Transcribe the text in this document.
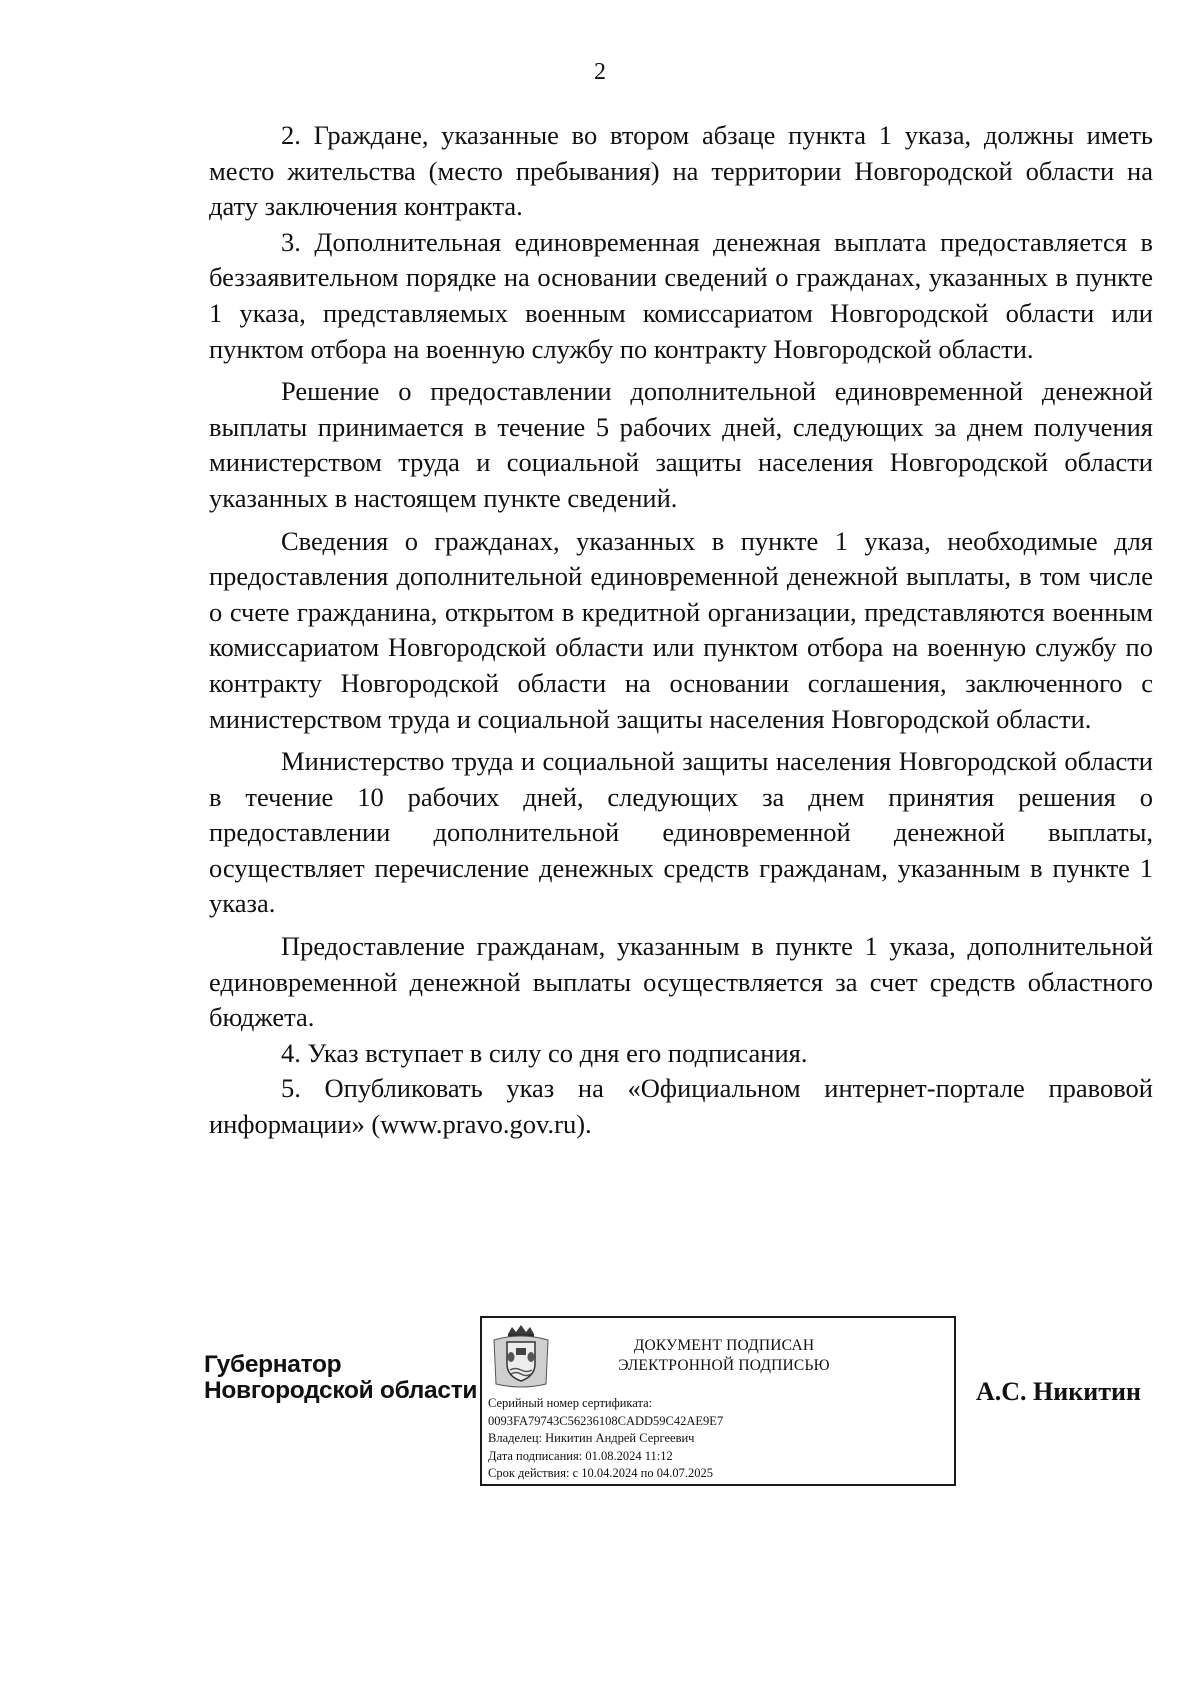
2

2. Граждане, указанные во втором абзаце пункта 1 указа, должны иметь место жительства (место пребывания) на территории Новгородской области на дату заключения контракта.

3. Дополнительная единовременная денежная выплата предоставляется в беззаявительном порядке на основании сведений о гражданах, указанных в пункте 1 указа, представляемых военным комиссариатом Новгородской области или пунктом отбора на военную службу по контракту Новгородской области.

Решение о предоставлении дополнительной единовременной денежной выплаты принимается в течение 5 рабочих дней, следующих за днем получения министерством труда и социальной защиты населения Новгородской области указанных в настоящем пункте сведений.

Сведения о гражданах, указанных в пункте 1 указа, необходимые для предоставления дополнительной единовременной денежной выплаты, в том числе о счете гражданина, открытом в кредитной организации, представляются военным комиссариатом Новгородской области или пунктом отбора на военную службу по контракту Новгородской области на основании соглашения, заключенного с министерством труда и социальной защиты населения Новгородской области.

Министерство труда и социальной защиты населения Новгородской области в течение 10 рабочих дней, следующих за днем принятия решения о предоставлении дополнительной единовременной денежной выплаты, осуществляет перечисление денежных средств гражданам, указанным в пункте 1 указа.

Предоставление гражданам, указанным в пункте 1 указа, дополнительной единовременной денежной выплаты осуществляется за счет средств областного бюджета.

4. Указ вступает в силу со дня его подписания.

5. Опубликовать указ на «Официальном интернет-портале правовой информации» (www.pravo.gov.ru).

Губернатор
Новгородской области
ДОКУМЕНТ ПОДПИСАН
ЭЛЕКТРОННОЙ ПОДПИСЬЮ
Серийный номер сертификата:
0093FA79743C56236108CADD59C42AE9E7
Владелец: Никитин Андрей Сергеевич
Дата подписания: 01.08.2024 11:12
Срок действия: с 10.04.2024 по 04.07.2025
А.С. Никитин
